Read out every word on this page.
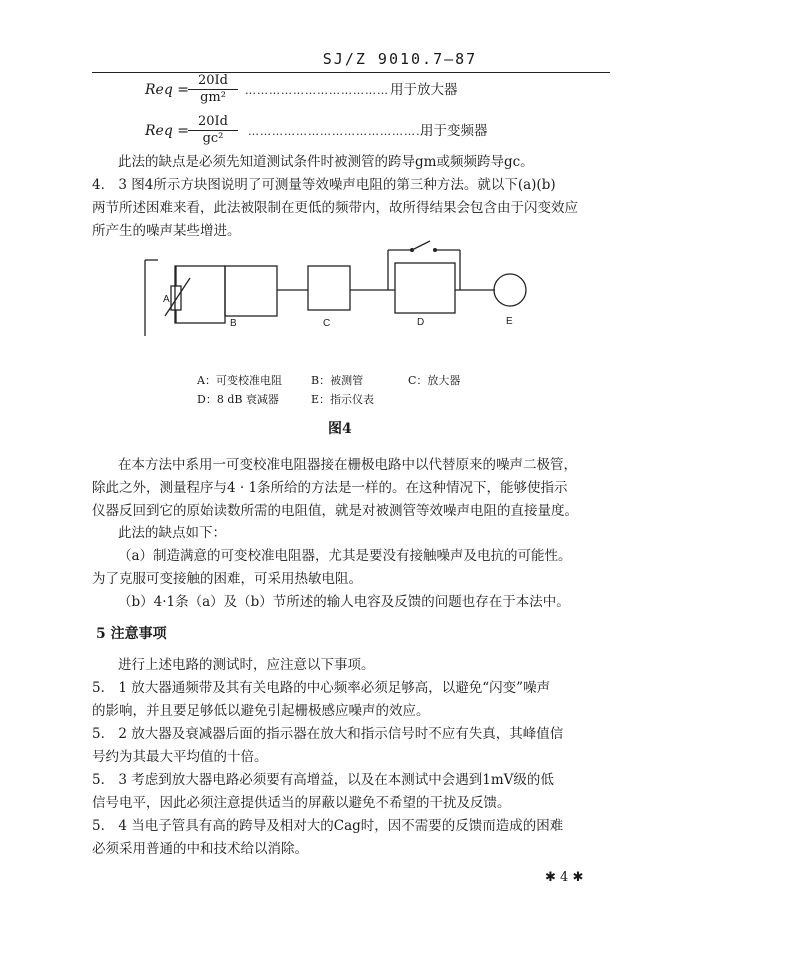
SJ/Z 9010.7—87
Req = $\frac{20Id}{\text{gm²}}$ ……………………………… 用于放大器
Req = $\frac{20Id}{\text{gc²}}$ ………………………………………
用于变频器
此法的缺点是必须先知道测试条件时被测管的跨导gm或频频跨导gc。
4． 3 图4所示方块图说明了可测量等效噪声电阻的第三种方法。就以下(a)(b)
两节所述困难来看，此法被限制在更低的频带内，故所得结果会包含由于闪变效应
所产生的噪声某些增进。
A
B	C	D	E
A：可变校准电阻	B：被测管	C：放大器
D：8 dB 衰减器	E：指示仪表
图4
在本方法中系用一可变校准电阻器接在栅极电路中以代替原来的噪声二极管，
除此之外，测量程序与4 · 1条所给的方法是一样的。在这种情况下，能够使指示
仪器反回到它的原始读数所需的电阻值，就是对被测管等效噪声电阻的直接量度。
此法的缺点如下：
（a）制造满意的可变校准电阻器，尤其是要没有接触噪声及电抗的可能性。
为了克服可变接触的困难，可采用热敏电阻。
（b）4·1条（a）及（b）节所述的输人电容及反馈的问题也存在于本法中。
5 注意事项
进行上述电路的测试时，应注意以下事项。
5． 1 放大器通频带及其有关电路的中心频率必须足够高，以避免“闪变”噪声
的影响，并且要足够低以避免引起栅极感应噪声的效应。
5． 2 放大器及衰减器后面的指示器在放大和指示信号时不应有失真，其峰值信
号约为其最大平均值的十倍。
5． 3 考虑到放大器电路必须要有高增益，以及在本测试中会遇到1mV级的低
信号电平，因此必须注意提供适当的屏蔽以避免不希望的干扰及反馈。
5． 4 当电子管具有高的跨导及相对大的Cag时，因不需要的反馈而造成的困难
必须采用普通的中和技术给以消除。
✱ 4 ✱
